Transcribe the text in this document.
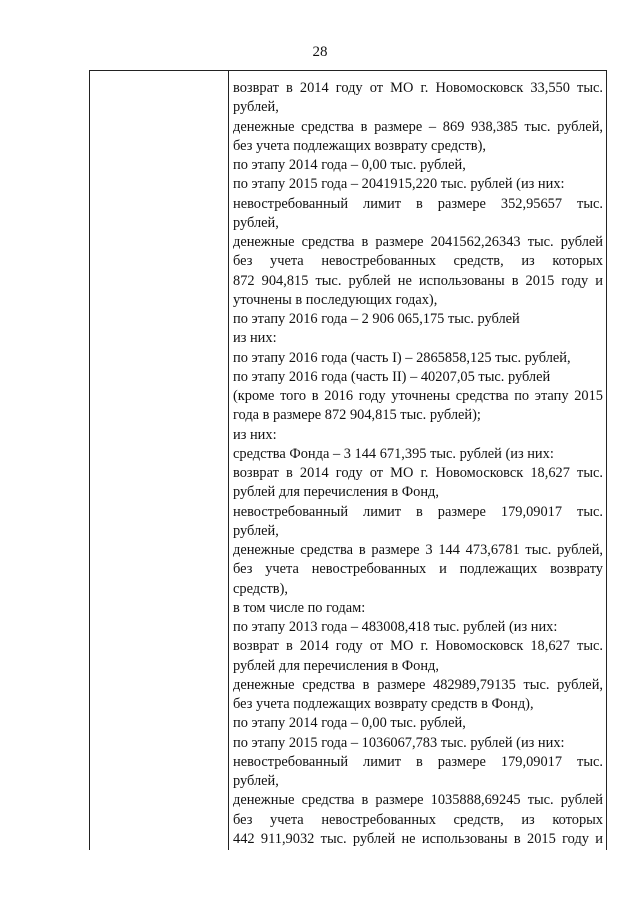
28
возврат в 2014 году от МО г. Новомосковск 33,550 тыс.
рублей,
денежные средства в размере – 869 938,385 тыс. рублей,
без учета подлежащих возврату средств),
по этапу 2014 года – 0,00 тыс. рублей,
по этапу 2015 года – 2041915,220 тыс. рублей (из них:
невостребованный лимит в размере 352,95657 тыс.
рублей,
денежные средства в размере 2041562,26343 тыс. рублей
без учета невостребованных средств, из которых
872 904,815 тыс. рублей не использованы в 2015 году и
уточнены в последующих годах),
по этапу 2016 года – 2 906 065,175 тыс. рублей
из них:
по этапу 2016 года (часть I) – 2865858,125 тыс. рублей,
по этапу 2016 года (часть II) – 40207,05 тыс. рублей
(кроме того в 2016 году уточнены средства по этапу 2015
года в размере 872 904,815 тыс. рублей);
из них:
средства Фонда – 3 144 671,395 тыс. рублей (из них:
возврат в 2014 году от МО г. Новомосковск 18,627 тыс.
рублей для перечисления в Фонд,
невостребованный лимит в размере 179,09017 тыс.
рублей,
денежные средства в размере 3 144 473,6781 тыс. рублей,
без учета невостребованных и подлежащих возврату
средств),
в том числе по годам:
по этапу 2013 года – 483008,418 тыс. рублей (из них:
возврат в 2014 году от МО г. Новомосковск 18,627 тыс.
рублей для перечисления в Фонд,
денежные средства в размере 482989,79135 тыс. рублей,
без учета подлежащих возврату средств в Фонд),
по этапу 2014 года – 0,00 тыс. рублей,
по этапу 2015 года – 1036067,783 тыс. рублей (из них:
невостребованный лимит в размере 179,09017 тыс.
рублей,
денежные средства в размере 1035888,69245 тыс. рублей
без учета невостребованных средств, из которых
442 911,9032 тыс. рублей не использованы в 2015 году и
